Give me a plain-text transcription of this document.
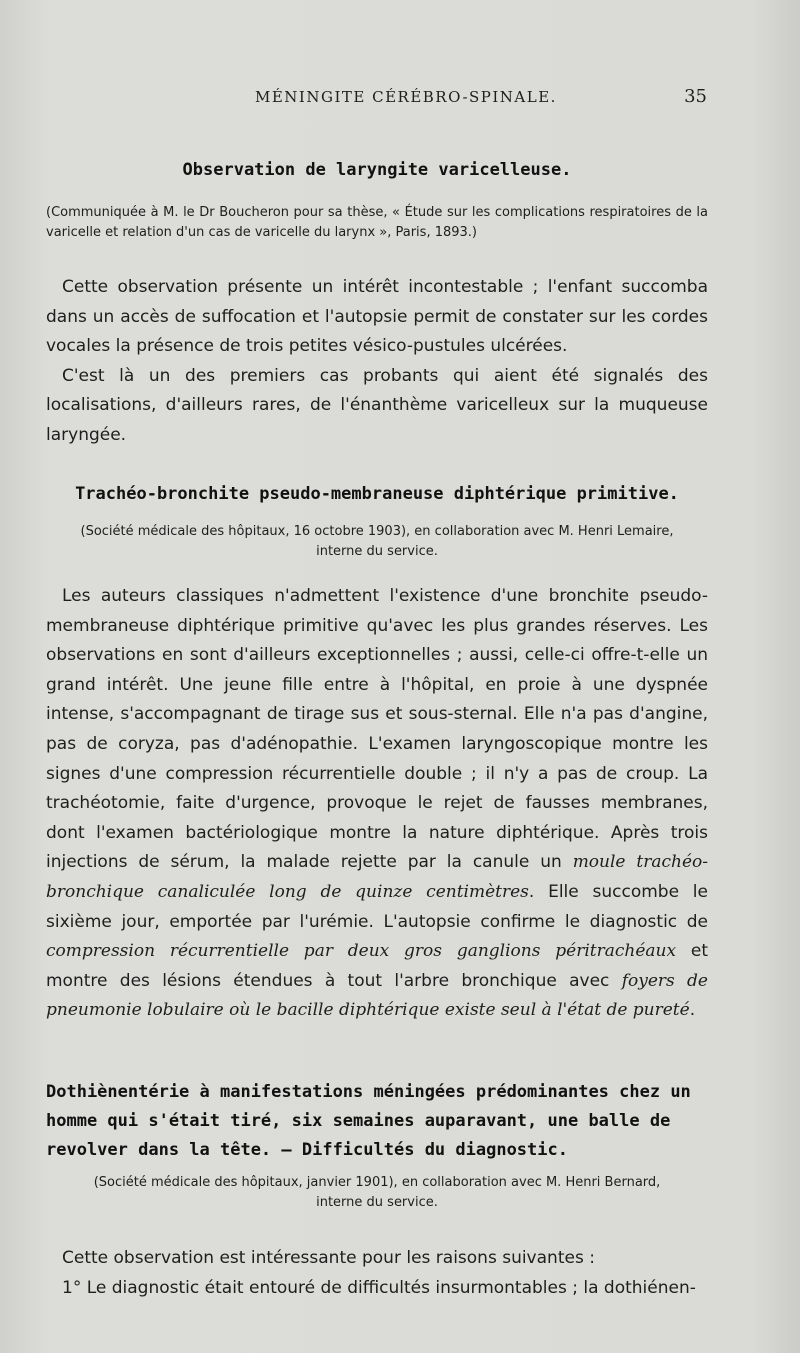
MÉNINGITE CÉRÉBRO-SPINALE.	35
Observation de laryngite varicelleuse.

(Communiquée à M. le Dr Boucheron pour sa thèse, « Étude sur les complications respiratoires de la varicelle et relation d'un cas de varicelle du larynx », Paris, 1893.)

Cette observation présente un intérêt incontestable ; l'enfant succomba dans un accès de suffocation et l'autopsie permit de constater sur les cordes vocales la présence de trois petites vésico-pustules ulcérées.

C'est là un des premiers cas probants qui aient été signalés des localisations, d'ailleurs rares, de l'énanthème varicelleux sur la muqueuse laryngée.

Trachéo-bronchite pseudo-membraneuse diphtérique primitive.

(Société médicale des hôpitaux, 16 octobre 1903), en collaboration avec M. Henri Lemaire,

interne du service.

Les auteurs classiques n'admettent l'existence d'une bronchite pseudo-membraneuse diphtérique primitive qu'avec les plus grandes réserves. Les observations en sont d'ailleurs exceptionnelles ; aussi, celle-ci offre-t-elle un grand intérêt. Une jeune fille entre à l'hôpital, en proie à une dyspnée intense, s'accompagnant de tirage sus et sous-sternal. Elle n'a pas d'angine, pas de coryza, pas d'adénopathie. L'examen laryngoscopique montre les signes d'une compression récurrentielle double ; il n'y a pas de croup. La trachéotomie, faite d'urgence, provoque le rejet de fausses membranes, dont l'examen bactériologique montre la nature diphtérique. Après trois injections de sérum, la malade rejette par la canule un moule trachéo-bronchique canaliculée long de quinze centimètres. Elle succombe le sixième jour, emportée par l'urémie. L'autopsie confirme le diagnostic de compression récurrentielle par deux gros ganglions péritrachéaux et montre des lésions étendues à tout l'arbre bronchique avec foyers de pneumonie lobulaire où le bacille diphtérique existe seul à l'état de pureté.

Dothiènentérie à manifestations méningées prédominantes chez un homme qui s'était tiré, six semaines auparavant, une balle de revolver dans la tête. — Difficultés du diagnostic.

(Société médicale des hôpitaux, janvier 1901), en collaboration avec M. Henri Bernard,

interne du service.

Cette observation est intéressante pour les raisons suivantes :

1° Le diagnostic était entouré de difficultés insurmontables ; la dothiénen-
